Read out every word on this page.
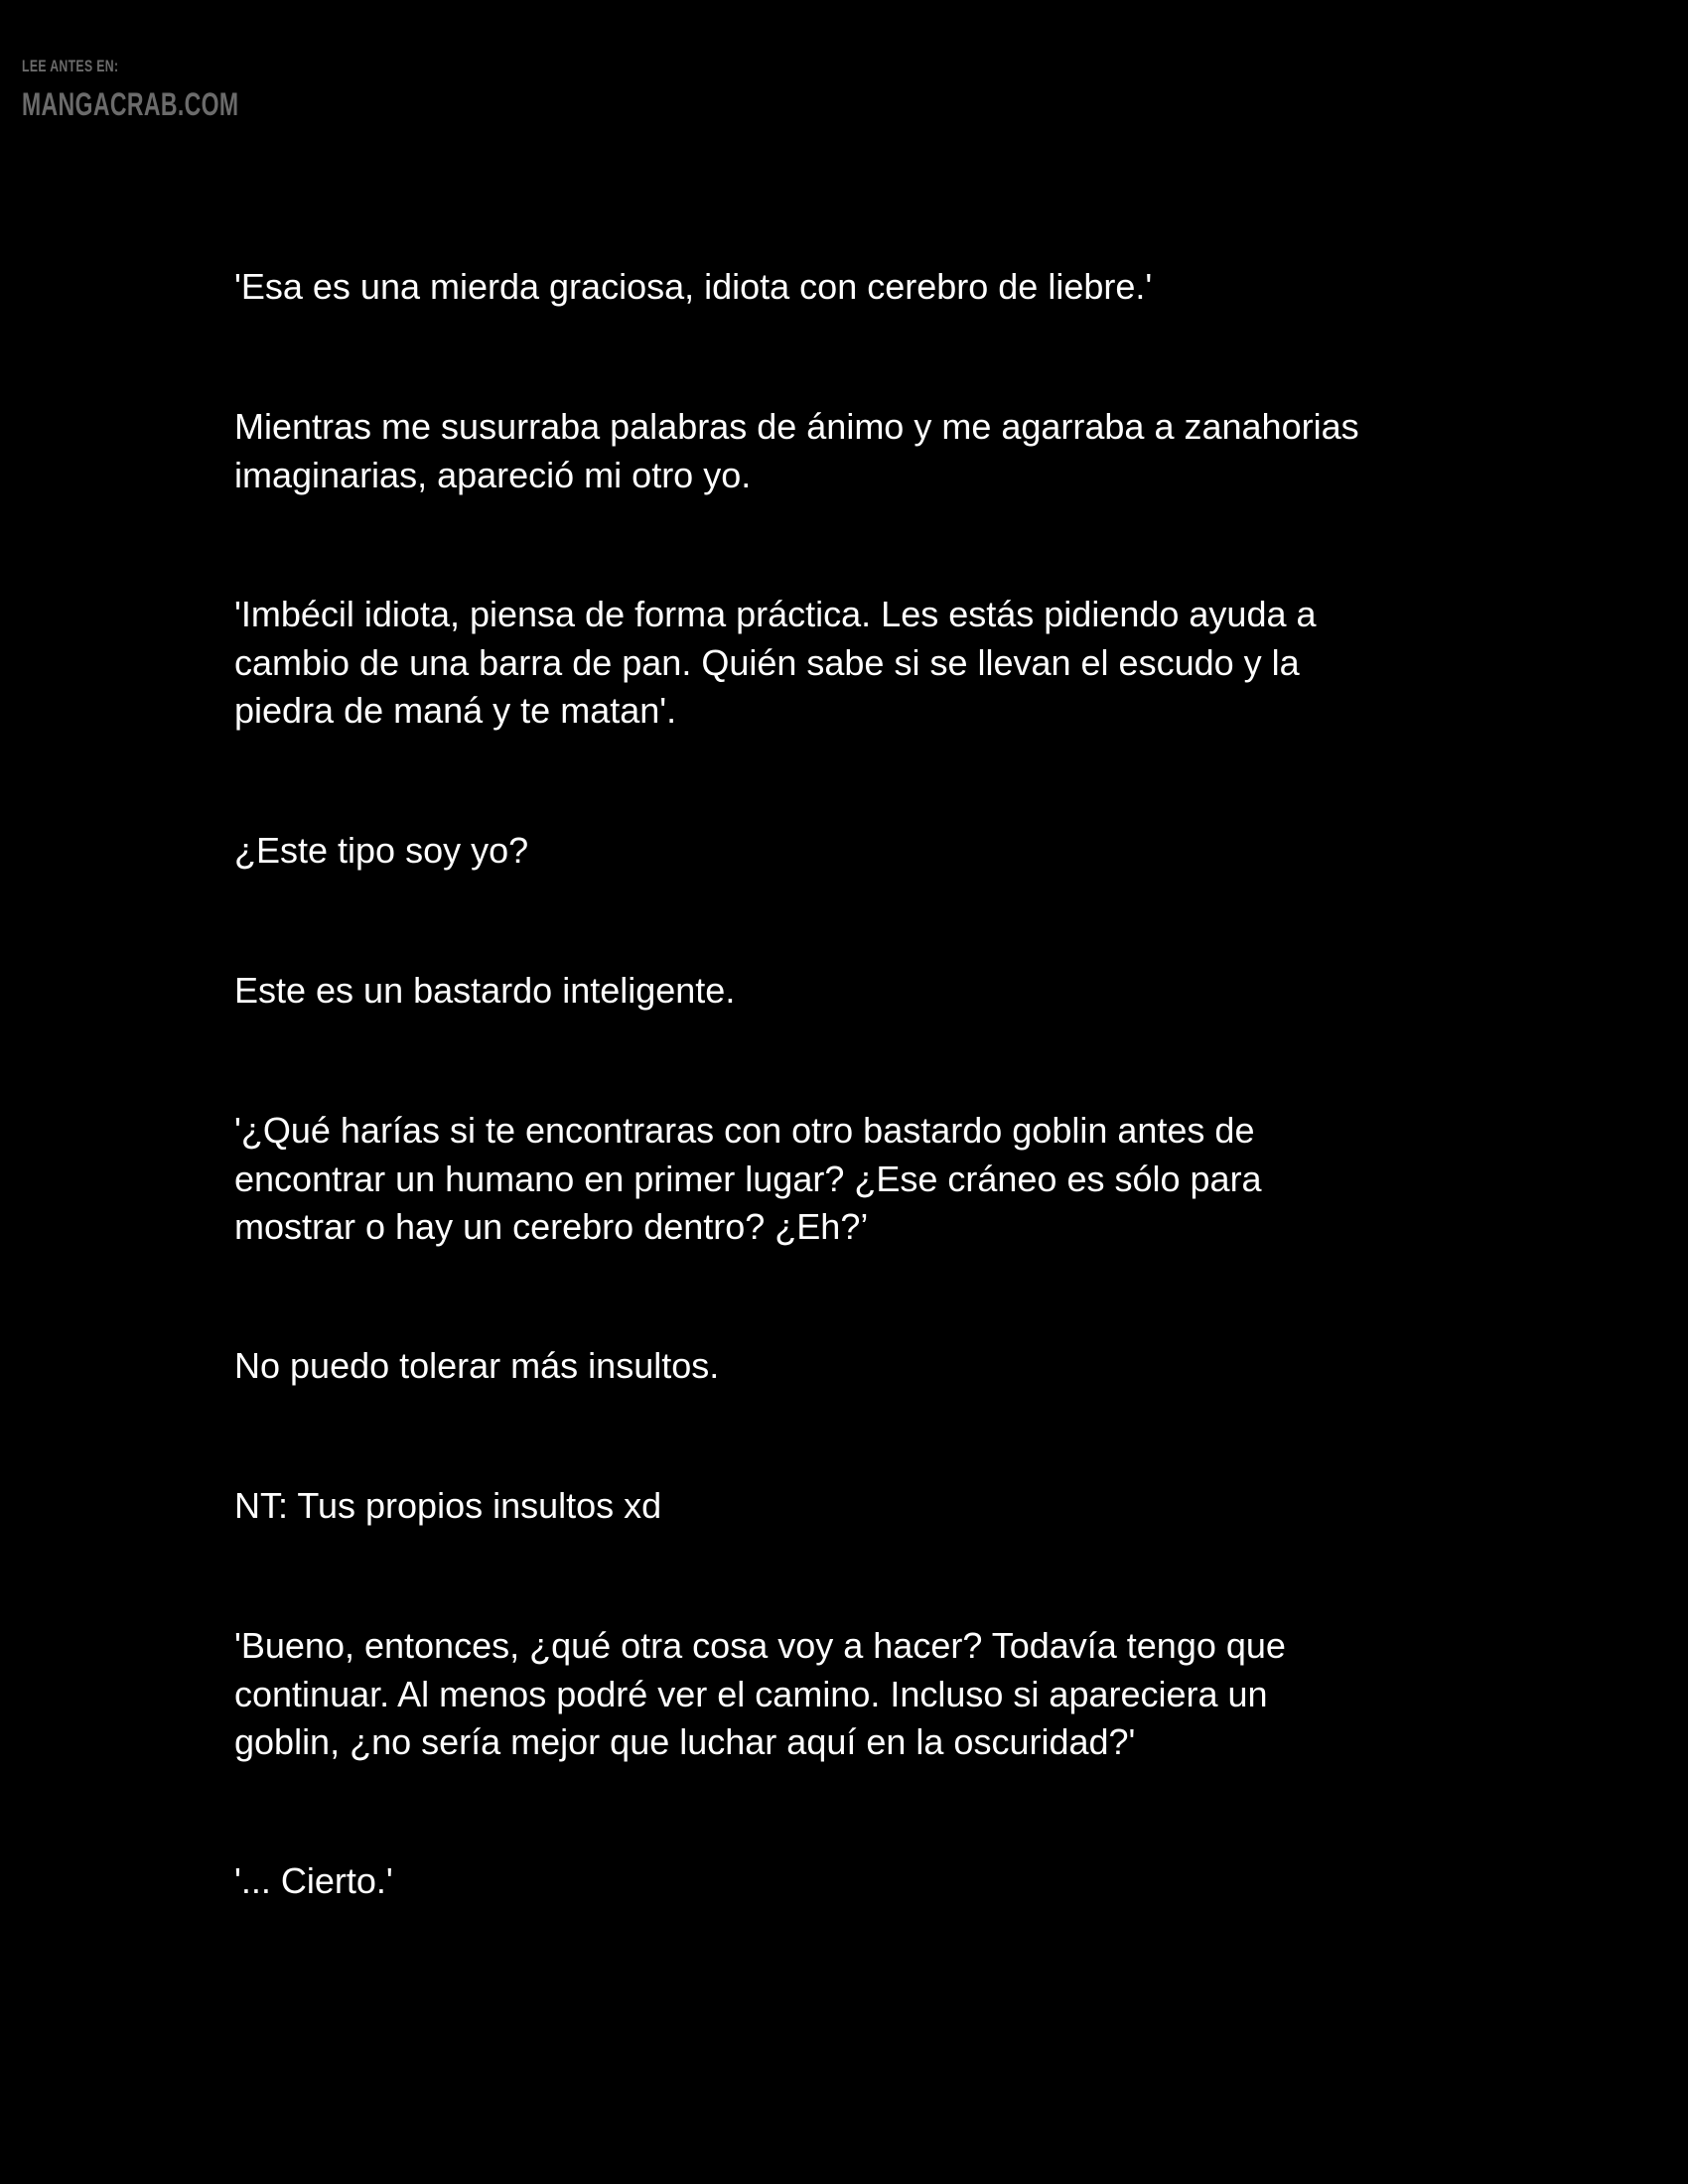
LEE ANTES EN:
MANGACRAB.COM
'Esa es una mierda graciosa, idiota con cerebro de liebre.'
Mientras me susurraba palabras de ánimo y me agarraba a zanahorias
imaginarias, apareció mi otro yo.
'Imbécil idiota, piensa de forma práctica. Les estás pidiendo ayuda a
cambio de una barra de pan. Quién sabe si se llevan el escudo y la
piedra de maná y te matan'.
¿Este tipo soy yo?
Este es un bastardo inteligente.
'¿Qué harías si te encontraras con otro bastardo goblin antes de
encontrar un humano en primer lugar? ¿Ese cráneo es sólo para
mostrar o hay un cerebro dentro? ¿Eh?’
No puedo tolerar más insultos.
NT: Tus propios insultos xd
'Bueno, entonces, ¿qué otra cosa voy a hacer? Todavía tengo que
continuar. Al menos podré ver el camino. Incluso si apareciera un
goblin, ¿no sería mejor que luchar aquí en la oscuridad?'
'... Cierto.'
